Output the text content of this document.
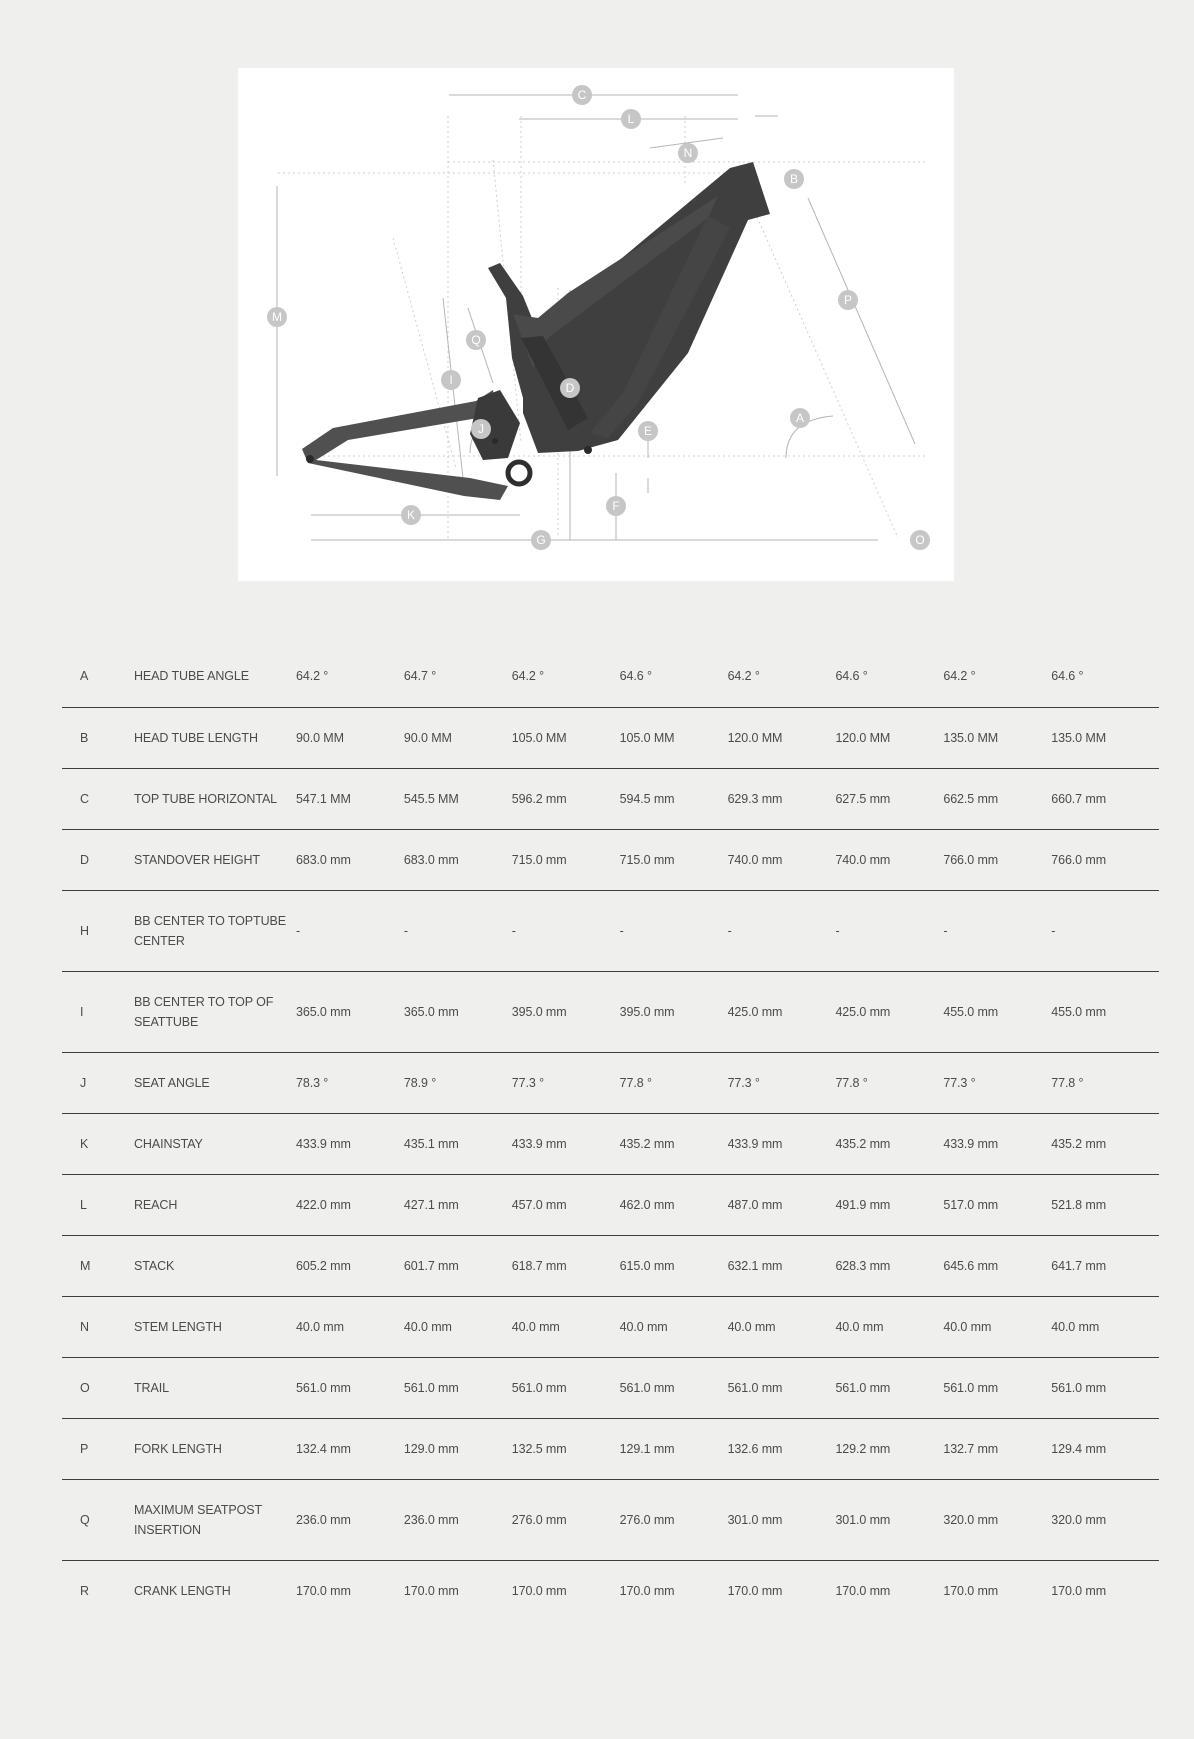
C
L
N
B
M
P
Q
I
D
A
J	E
F
K
G	O
A	HEAD TUBE ANGLE	64.2 °	64.7 °	64.2 °	64.6 °	64.2 °	64.6 °	64.2 °	64.6 °
B	HEAD TUBE LENGTH	90.0 MM	90.0 MM	105.0 MM	105.0 MM	120.0 MM	120.0 MM	135.0 MM	135.0 MM
C	TOP TUBE HORIZONTAL	547.1 MM	545.5 MM	596.2 mm	594.5 mm	629.3 mm	627.5 mm	662.5 mm	660.7 mm
D	STANDOVER HEIGHT	683.0 mm	683.0 mm	715.0 mm	715.0 mm	740.0 mm	740.0 mm	766.0 mm	766.0 mm
H	BB CENTER TO TOPTUBE CENTER	-	-	-	-	-	-	-	-
I	BB CENTER TO TOP OF SEATTUBE	365.0 mm	365.0 mm	395.0 mm	395.0 mm	425.0 mm	425.0 mm	455.0 mm	455.0 mm
J	SEAT ANGLE	78.3 °	78.9 °	77.3 °	77.8 °	77.3 °	77.8 °	77.3 °	77.8 °
K	CHAINSTAY	433.9 mm	435.1 mm	433.9 mm	435.2 mm	433.9 mm	435.2 mm	433.9 mm	435.2 mm
L	REACH	422.0 mm	427.1 mm	457.0 mm	462.0 mm	487.0 mm	491.9 mm	517.0 mm	521.8 mm
M	STACK	605.2 mm	601.7 mm	618.7 mm	615.0 mm	632.1 mm	628.3 mm	645.6 mm	641.7 mm
N	STEM LENGTH	40.0 mm	40.0 mm	40.0 mm	40.0 mm	40.0 mm	40.0 mm	40.0 mm	40.0 mm
O	TRAIL	561.0 mm	561.0 mm	561.0 mm	561.0 mm	561.0 mm	561.0 mm	561.0 mm	561.0 mm
P	FORK LENGTH	132.4 mm	129.0 mm	132.5 mm	129.1 mm	132.6 mm	129.2 mm	132.7 mm	129.4 mm
Q	MAXIMUM SEATPOST INSERTION	236.0 mm	236.0 mm	276.0 mm	276.0 mm	301.0 mm	301.0 mm	320.0 mm	320.0 mm
R	CRANK LENGTH	170.0 mm	170.0 mm	170.0 mm	170.0 mm	170.0 mm	170.0 mm	170.0 mm	170.0 mm
